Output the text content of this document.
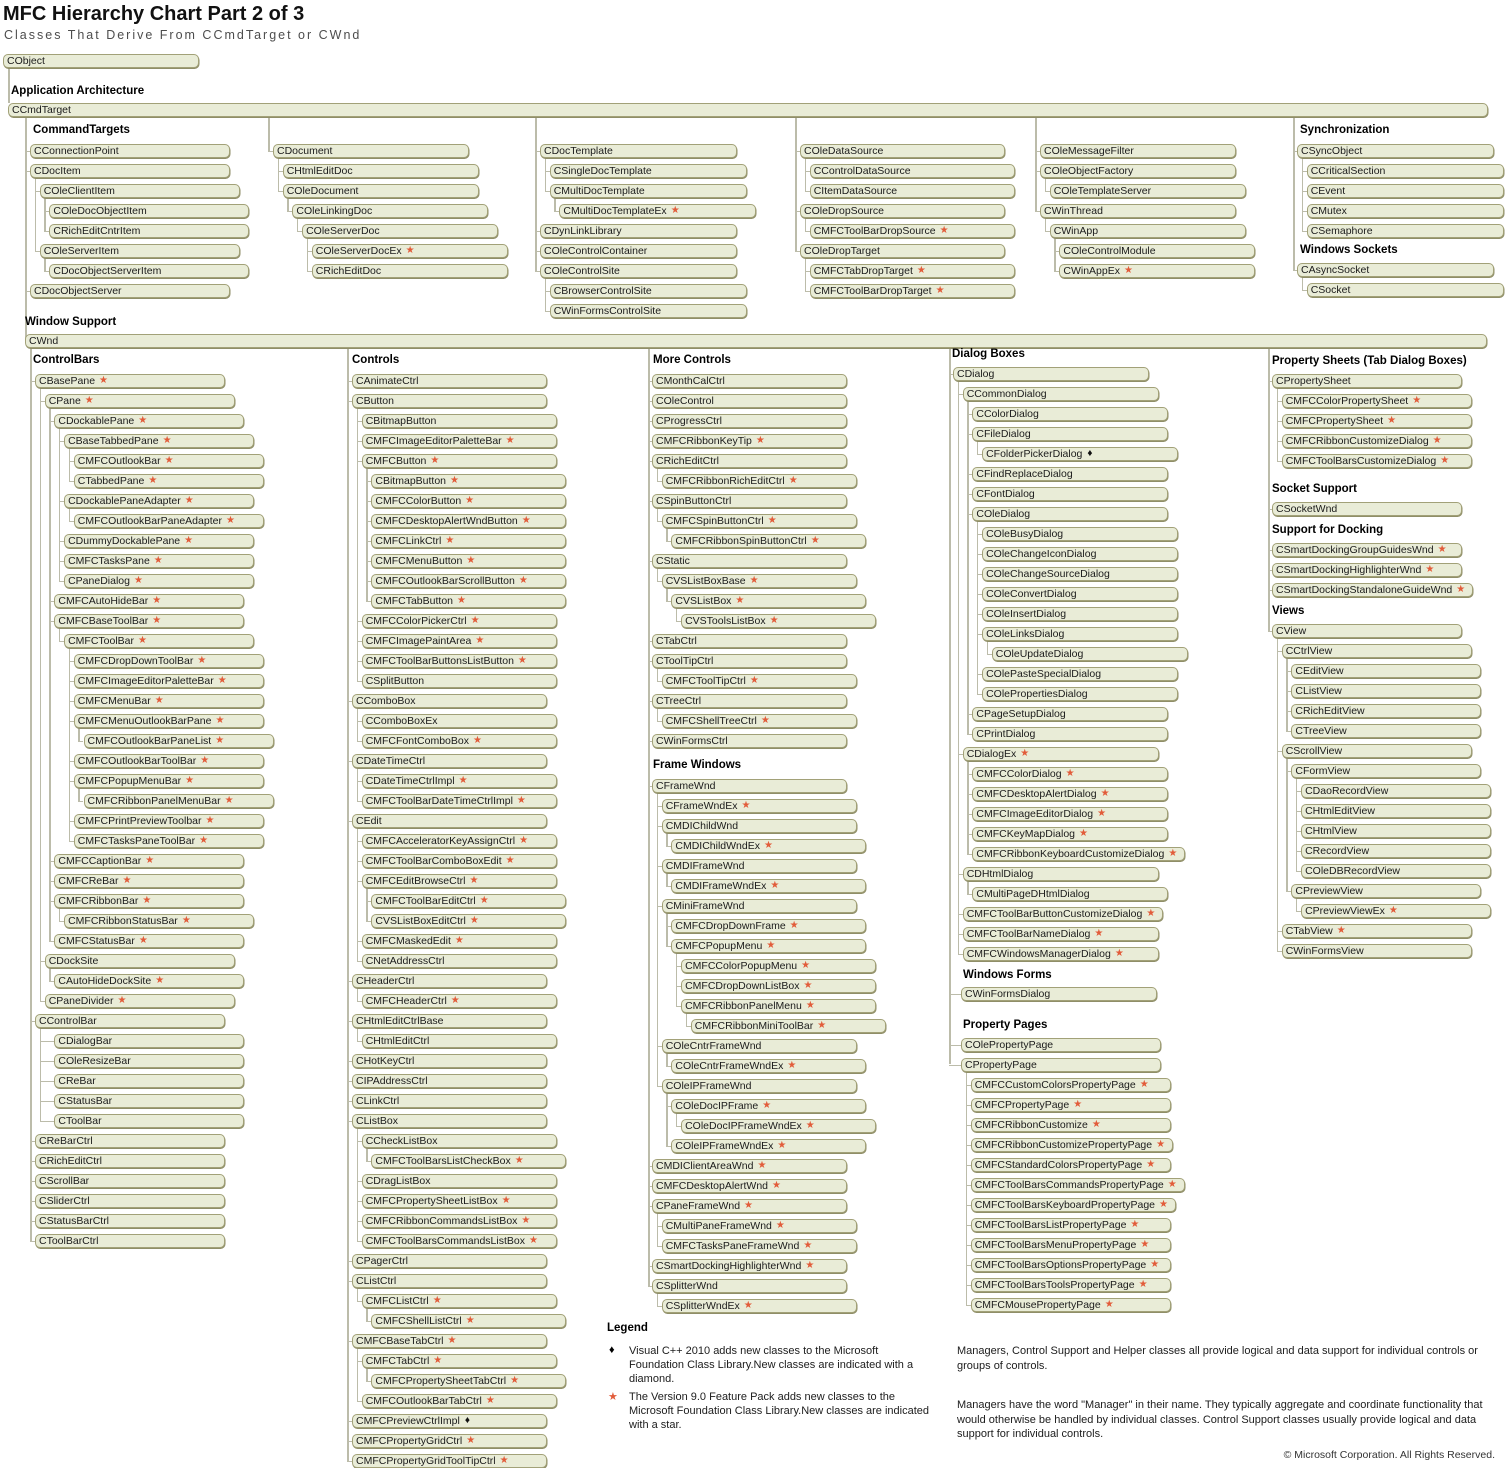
MFC Hierarchy Chart Part 2 of 3
Classes That Derive From CCmdTarget or CWnd
CObject
Application Architecture
CCmdTarget
Window Support
CWnd
CommandTargets
CConnectionPoint
CDocItem
COleClientItem
COleDocObjectItem
CRichEditCntrItem
COleServerItem
CDocObjectServerItem
CDocObjectServer
CDocument
CHtmlEditDoc
COleDocument
COleLinkingDoc
COleServerDoc
COleServerDocEx ★
CRichEditDoc
CDocTemplate
CSingleDocTemplate
CMultiDocTemplate
CMultiDocTemplateEx ★
CDynLinkLibrary
COleControlContainer
COleControlSite
CBrowserControlSite
CWinFormsControlSite
COleDataSource
CControlDataSource
CItemDataSource
COleDropSource
CMFCToolBarDropSource ★
COleDropTarget
CMFCTabDropTarget ★
CMFCToolBarDropTarget ★
COleMessageFilter
COleObjectFactory
COleTemplateServer
CWinThread
CWinApp
COleControlModule
CWinAppEx ★
Synchronization
CSyncObject
CCriticalSection
CEvent
CMutex
CSemaphore
Windows Sockets
CAsyncSocket
CSocket
ControlBars
CBasePane ★
CPane ★
CDockablePane ★
CBaseTabbedPane ★
CMFCOutlookBar ★
CTabbedPane ★
CDockablePaneAdapter ★
CMFCOutlookBarPaneAdapter ★
CDummyDockablePane ★
CMFCTasksPane ★
CPaneDialog ★
CMFCAutoHideBar ★
CMFCBaseToolBar ★
CMFCToolBar ★
CMFCDropDownToolBar ★
CMFCImageEditorPaletteBar ★
CMFCMenuBar ★
CMFCMenuOutlookBarPane ★
CMFCOutlookBarPaneList ★
CMFCOutlookBarToolBar ★
CMFCPopupMenuBar ★
CMFCRibbonPanelMenuBar ★
CMFCPrintPreviewToolbar ★
CMFCTasksPaneToolBar ★
CMFCCaptionBar ★
CMFCReBar ★
CMFCRibbonBar ★
CMFCRibbonStatusBar ★
CMFCStatusBar ★
CDockSite
CAutoHideDockSite ★
CPaneDivider ★
CControlBar
CDialogBar
COleResizeBar
CReBar
CStatusBar
CToolBar
CReBarCtrl
CRichEditCtrl
CScrollBar
CSliderCtrl
CStatusBarCtrl
CToolBarCtrl
Controls
CAnimateCtrl
CButton
CBitmapButton
CMFCImageEditorPaletteBar ★
CMFCButton ★
CBitmapButton ★
CMFCColorButton ★
CMFCDesktopAlertWndButton ★
CMFCLinkCtrl ★
CMFCMenuButton ★
CMFCOutlookBarScrollButton ★
CMFCTabButton ★
CMFCColorPickerCtrl ★
CMFCImagePaintArea ★
CMFCToolBarButtonsListButton ★
CSplitButton
CComboBox
CComboBoxEx
CMFCFontComboBox ★
CDateTimeCtrl
CDateTimeCtrlImpl ★
CMFCToolBarDateTimeCtrlImpl ★
CEdit
CMFCAcceleratorKeyAssignCtrl ★
CMFCToolBarComboBoxEdit ★
CMFCEditBrowseCtrl ★
CMFCToolBarEditCtrl ★
CVSListBoxEditCtrl ★
CMFCMaskedEdit ★
CNetAddressCtrl
CHeaderCtrl
CMFCHeaderCtrl ★
CHtmlEditCtrlBase
CHtmlEditCtrl
CHotKeyCtrl
CIPAddressCtrl
CLinkCtrl
CListBox
CCheckListBox
CMFCToolBarsListCheckBox ★
CDragListBox
CMFCPropertySheetListBox ★
CMFCRibbonCommandsListBox ★
CMFCToolBarsCommandsListBox ★
CPagerCtrl
CListCtrl
CMFCListCtrl ★
CMFCShellListCtrl ★
CMFCBaseTabCtrl ★
CMFCTabCtrl ★
CMFCPropertySheetTabCtrl ★
CMFCOutlookBarTabCtrl ★
CMFCPreviewCtrlImpl ♦
CMFCPropertyGridCtrl ★
CMFCPropertyGridToolTipCtrl ★
More Controls
CMonthCalCtrl
COleControl
CProgressCtrl
CMFCRibbonKeyTip ★
CRichEditCtrl
CMFCRibbonRichEditCtrl ★
CSpinButtonCtrl
CMFCSpinButtonCtrl ★
CMFCRibbonSpinButtonCtrl ★
CStatic
CVSListBoxBase ★
CVSListBox ★
CVSToolsListBox ★
CTabCtrl
CToolTipCtrl
CMFCToolTipCtrl ★
CTreeCtrl
CMFCShellTreeCtrl ★
CWinFormsCtrl
Frame Windows
CFrameWnd
CFrameWndEx ★
CMDIChildWnd
CMDIChildWndEx ★
CMDIFrameWnd
CMDIFrameWndEx ★
CMiniFrameWnd
CMFCDropDownFrame ★
CMFCPopupMenu ★
CMFCColorPopupMenu ★
CMFCDropDownListBox ★
CMFCRibbonPanelMenu ★
CMFCRibbonMiniToolBar ★
COleCntrFrameWnd
COleCntrFrameWndEx ★
COleIPFrameWnd
COleDocIPFrame ★
COleDocIPFrameWndEx ★
COleIPFrameWndEx ★
CMDIClientAreaWnd ★
CMFCDesktopAlertWnd ★
CPaneFrameWnd ★
CMultiPaneFrameWnd ★
CMFCTasksPaneFrameWnd ★
CSmartDockingHighlighterWnd ★
CSplitterWnd
CSplitterWndEx ★
Dialog Boxes
CDialog
CCommonDialog
CColorDialog
CFileDialog
CFolderPickerDialog ♦
CFindReplaceDialog
CFontDialog
COleDialog
COleBusyDialog
COleChangeIconDialog
COleChangeSourceDialog
COleConvertDialog
COleInsertDialog
COleLinksDialog
COleUpdateDialog
COlePasteSpecialDialog
COlePropertiesDialog
CPageSetupDialog
CPrintDialog
CDialogEx ★
CMFCColorDialog ★
CMFCDesktopAlertDialog ★
CMFCImageEditorDialog ★
CMFCKeyMapDialog ★
CMFCRibbonKeyboardCustomizeDialog ★
CDHtmlDialog
CMultiPageDHtmlDialog
CMFCToolBarButtonCustomizeDialog ★
CMFCToolBarNameDialog ★
CMFCWindowsManagerDialog ★
Windows Forms
CWinFormsDialog
Property Pages
COlePropertyPage
CPropertyPage
CMFCCustomColorsPropertyPage ★
CMFCPropertyPage ★
CMFCRibbonCustomize ★
CMFCRibbonCustomizePropertyPage ★
CMFCStandardColorsPropertyPage ★
CMFCToolBarsCommandsPropertyPage ★
CMFCToolBarsKeyboardPropertyPage ★
CMFCToolBarsListPropertyPage ★
CMFCToolBarsMenuPropertyPage ★
CMFCToolBarsOptionsPropertyPage ★
CMFCToolBarsToolsPropertyPage ★
CMFCMousePropertyPage ★
Property Sheets (Tab Dialog Boxes)
CPropertySheet
CMFCColorPropertySheet ★
CMFCPropertySheet ★
CMFCRibbonCustomizeDialog ★
CMFCToolBarsCustomizeDialog ★
Socket Support
CSocketWnd
Support for Docking
CSmartDockingGroupGuidesWnd ★
CSmartDockingHighlighterWnd ★
CSmartDockingStandaloneGuideWnd ★
Views
CView
CCtrlView
CEditView
CListView
CRichEditView
CTreeView
CScrollView
CFormView
CDaoRecordView
CHtmlEditView
CHtmlView
CRecordView
COleDBRecordView
CPreviewView
CPreviewViewEx ★
CTabView ★
CWinFormsView
Legend
♦ Visual C++ 2010 adds new classes to the Microsoft Foundation Class Library.New classes are indicated with a diamond.
★ The Version 9.0 Feature Pack adds new classes to the Microsoft Foundation Class Library.New classes are indicated with a star.
Managers, Control Support and Helper classes all provide logical and data support for individual controls or groups of controls.
Managers have the word "Manager" in their name. They typically aggregate and coordinate functionality that would otherwise be handled by individual classes. Control Support classes usually provide logical and data support for individual controls.
© Microsoft Corporation. All Rights Reserved.
